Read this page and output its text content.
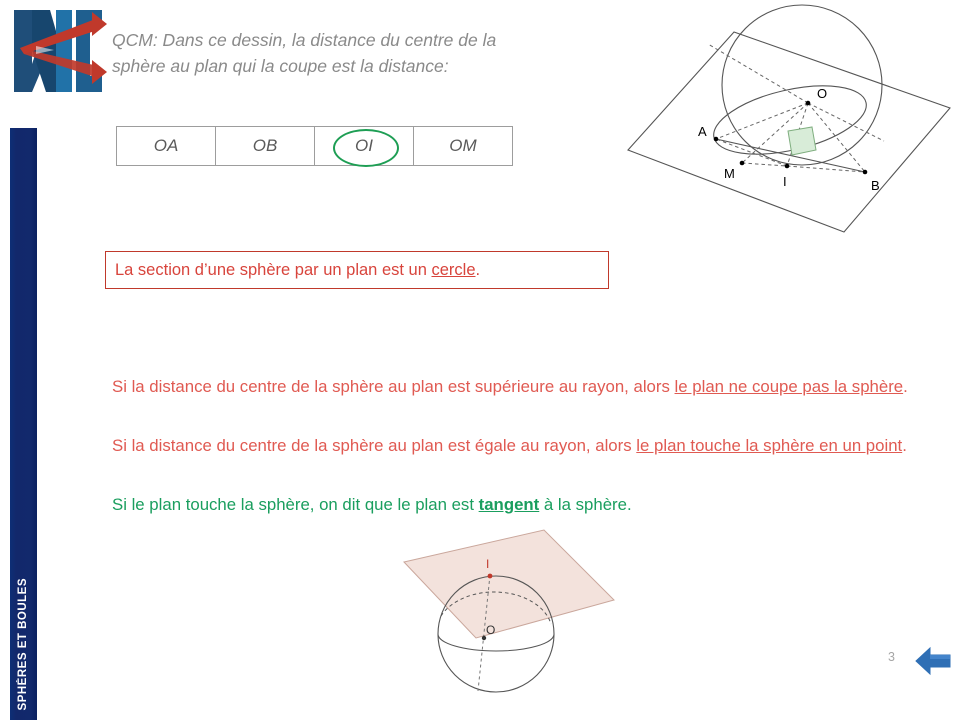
SPHÈRES ET BOULES
QCM: Dans ce dessin, la distance du centre de la sphère au plan qui la coupe est la distance:
OA	OB	OI	OM
La section d’une sphère par un plan est un cercle.
Si la distance du centre de la sphère au plan est supérieure au rayon, alors le plan ne coupe pas la sphère.
Si la distance du centre de la sphère au plan est égale au rayon, alors le plan touche la sphère en un point.
Si le plan touche la sphère, on dit que le plan est tangent à la sphère.
O
A
M
I	B
I
O
3
